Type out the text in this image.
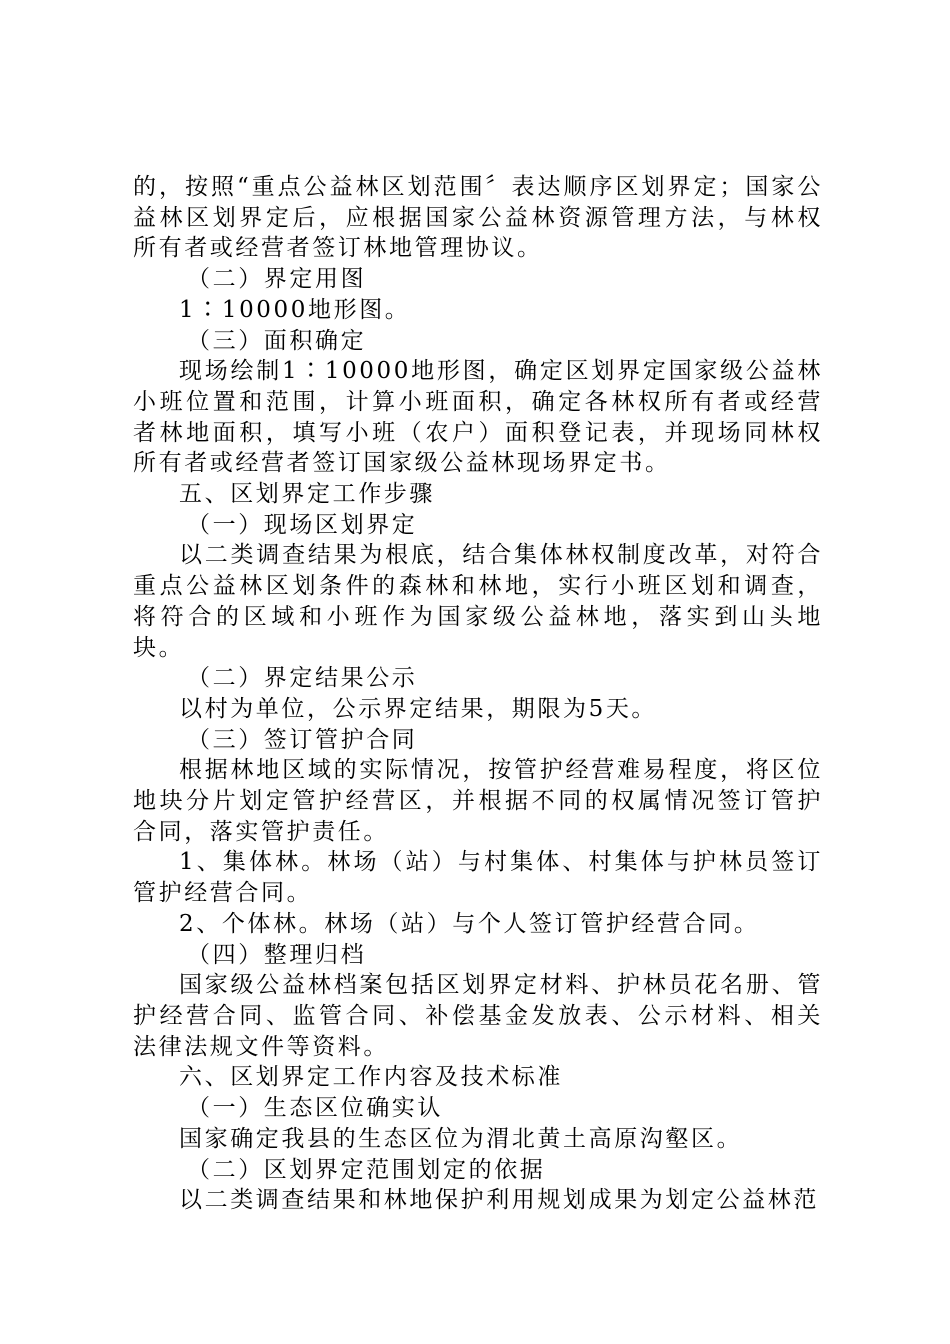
的，按照“重点公益林区划范围〞表达顺序区划界定；国家公益林区划界定后，应根据国家公益林资源管理方法，与林权所有者或经营者签订林地管理协议。

（二）界定用图

1∶10000地形图。

（三）面积确定

现场绘制1∶10000地形图，确定区划界定国家级公益林小班位置和范围，计算小班面积，确定各林权所有者或经营者林地面积，填写小班（农户）面积登记表，并现场同林权所有者或经营者签订国家级公益林现场界定书。

五、区划界定工作步骤

（一）现场区划界定

以二类调查结果为根底，结合集体林权制度改革，对符合重点公益林区划条件的森林和林地，实行小班区划和调查，将符合的区域和小班作为国家级公益林地，落实到山头地块。

（二）界定结果公示

以村为单位，公示界定结果，期限为5天。

（三）签订管护合同

根据林地区域的实际情况，按管护经营难易程度，将区位地块分片划定管护经营区，并根据不同的权属情况签订管护合同，落实管护责任。

1、集体林。林场（站）与村集体、村集体与护林员签订管护经营合同。

2、个体林。林场（站）与个人签订管护经营合同。

（四）整理归档

国家级公益林档案包括区划界定材料、护林员花名册、管护经营合同、监管合同、补偿基金发放表、公示材料、相关法律法规文件等资料。

六、区划界定工作内容及技术标准

（一）生态区位确实认

国家确定我县的生态区位为渭北黄土高原沟壑区。

（二）区划界定范围划定的依据

以二类调查结果和林地保护利用规划成果为划定公益林范
